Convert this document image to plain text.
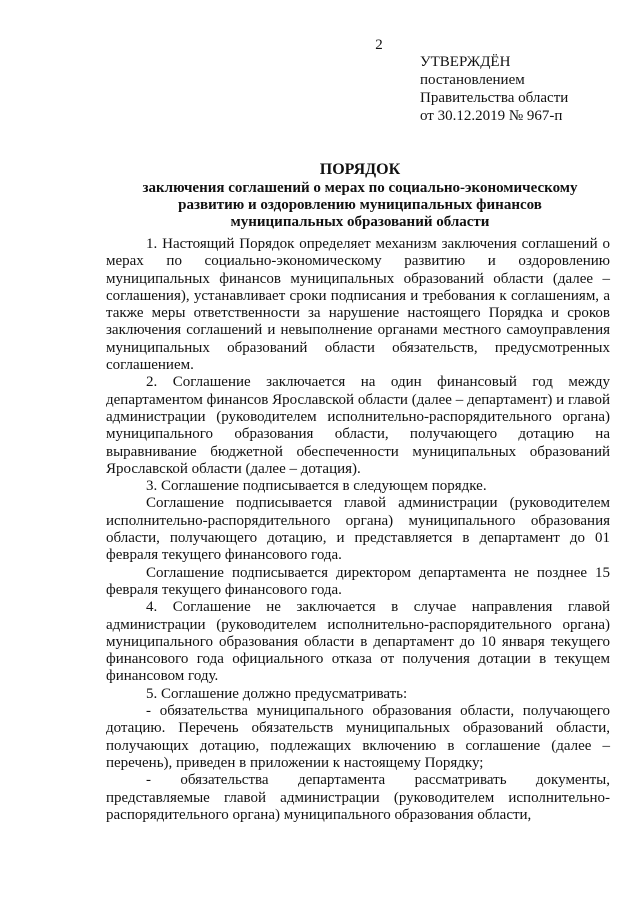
2
УТВЕРЖДЁН
постановлением
Правительства области
от 30.12.2019 № 967-п
ПОРЯДОК
заключения соглашений о мерах по социально-экономическому
развитию и оздоровлению муниципальных финансов
муниципальных образований области

1. Настоящий Порядок определяет механизм заключения соглашений о мерах по социально-экономическому развитию и оздоровлению муниципальных финансов муниципальных образований области (далее – соглашения), устанавливает сроки подписания и требования к соглашениям, а также меры ответственности за нарушение настоящего Порядка и сроков заключения соглашений и невыполнение органами местного самоуправления муниципальных образований области обязательств, предусмотренных соглашением.

2. Соглашение заключается на один финансовый год между департаментом финансов Ярославской области (далее – департамент) и главой администрации (руководителем исполнительно-распорядительного органа) муниципального образования области, получающего дотацию на выравнивание бюджетной обеспеченности муниципальных образований Ярославской области (далее – дотация).

3. Соглашение подписывается в следующем порядке.

Соглашение подписывается главой администрации (руководителем исполнительно-распорядительного органа) муниципального образования области, получающего дотацию, и представляется в департамент до 01 февраля текущего финансового года.

Соглашение подписывается директором департамента не позднее 15 февраля текущего финансового года.

4. Соглашение не заключается в случае направления главой администрации (руководителем исполнительно-распорядительного органа) муниципального образования области в департамент до 10 января текущего финансового года официального отказа от получения дотации в текущем финансовом году.

5. Соглашение должно предусматривать:

- обязательства муниципального образования области, получающего дотацию. Перечень обязательств муниципальных образований области, получающих дотацию, подлежащих включению в соглашение (далее – перечень), приведен в приложении к настоящему Порядку;

- обязательства департамента рассматривать документы, представляемые главой администрации (руководителем исполнительно-распорядительного органа) муниципального образования области,
